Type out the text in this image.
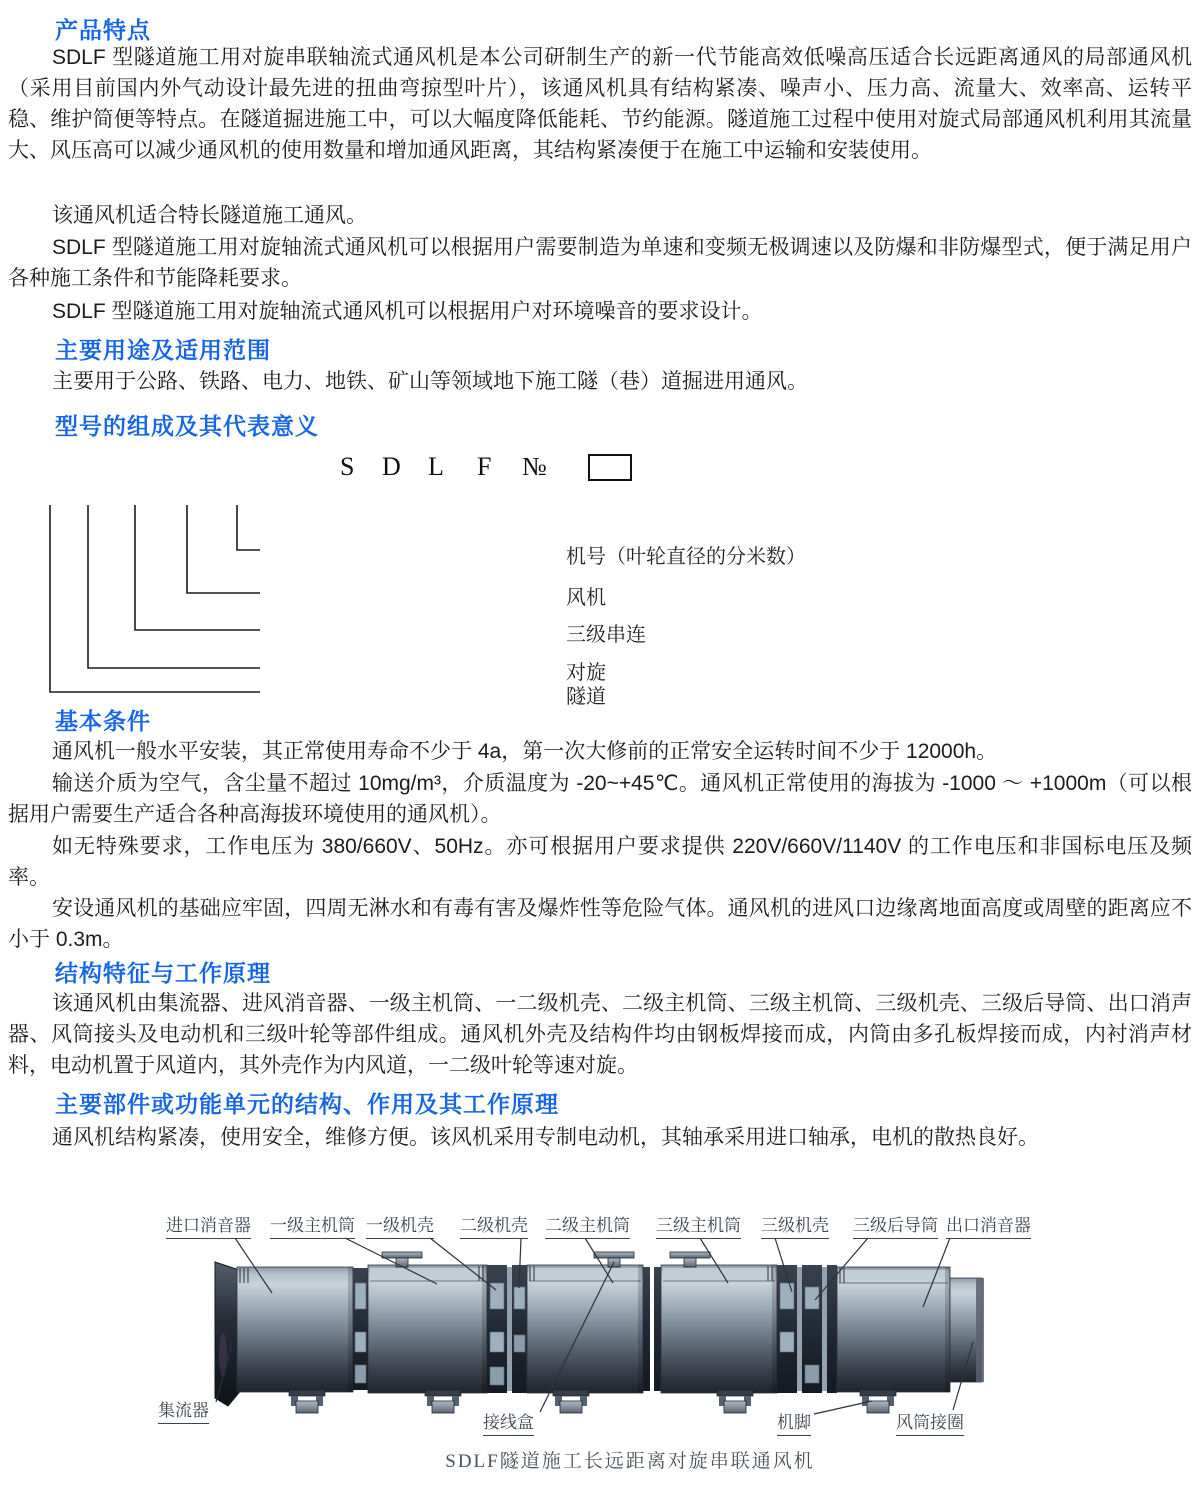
产品特点
SDLF 型隧道施工用对旋串联轴流式通风机是本公司研制生产的新一代节能高效低噪高压适合长远距离通风的局部通风机（采用目前国内外气动设计最先进的扭曲弯掠型叶片），该通风机具有结构紧凑、噪声小、压力高、流量大、效率高、运转平稳、维护简便等特点。在隧道掘进施工中，可以大幅度降低能耗、节约能源。隧道施工过程中使用对旋式局部通风机利用其流量大、风压高可以减少通风机的使用数量和增加通风距离，其结构紧凑便于在施工中运输和安装使用。
该通风机适合特长隧道施工通风。
SDLF 型隧道施工用对旋轴流式通风机可以根据用户需要制造为单速和变频无极调速以及防爆和非防爆型式，便于满足用户各种施工条件和节能降耗要求。
SDLF 型隧道施工用对旋轴流式通风机可以根据用户对环境噪音的要求设计。
主要用途及适用范围
主要用于公路、铁路、电力、地铁、矿山等领域地下施工隧（巷）道掘进用通风。
型号的组成及其代表意义
S D L F №
机号（叶轮直径的分米数）
风机
三级串连
对旋
隧道
基本条件
通风机一般水平安装，其正常使用寿命不少于 4a，第一次大修前的正常安全运转时间不少于 12000h。
输送介质为空气，含尘量不超过 10mg/m³，介质温度为 -20~+45℃。通风机正常使用的海拔为 -1000 ～ +1000m（可以根据用户需要生产适合各种高海拔环境使用的通风机）。
如无特殊要求，工作电压为 380/660V、50Hz。亦可根据用户要求提供 220V/660V/1140V 的工作电压和非国标电压及频率。
安设通风机的基础应牢固，四周无淋水和有毒有害及爆炸性等危险气体。通风机的进风口边缘离地面高度或周壁的距离应不小于 0.3m。
结构特征与工作原理
该通风机由集流器、进风消音器、一级主机筒、一二级机壳、二级主机筒、三级主机筒、三级机壳、三级后导筒、出口消声器、风筒接头及电动机和三级叶轮等部件组成。通风机外壳及结构件均由钢板焊接而成，内筒由多孔板焊接而成，内衬消声材料，电动机置于风道内，其外壳作为内风道，一二级叶轮等速对旋。
主要部件或功能单元的结构、作用及其工作原理
通风机结构紧凑，使用安全，维修方便。该风机采用专制电动机，其轴承采用进口轴承，电机的散热良好。
进口消音器 一级主机筒 一级机壳 二级机壳 二级主机筒 三级主机筒 三级机壳 三级后导筒 出口消音器
集流器
接线盒	机脚	风筒接圈
SDLF隧道施工长远距离对旋串联通风机
